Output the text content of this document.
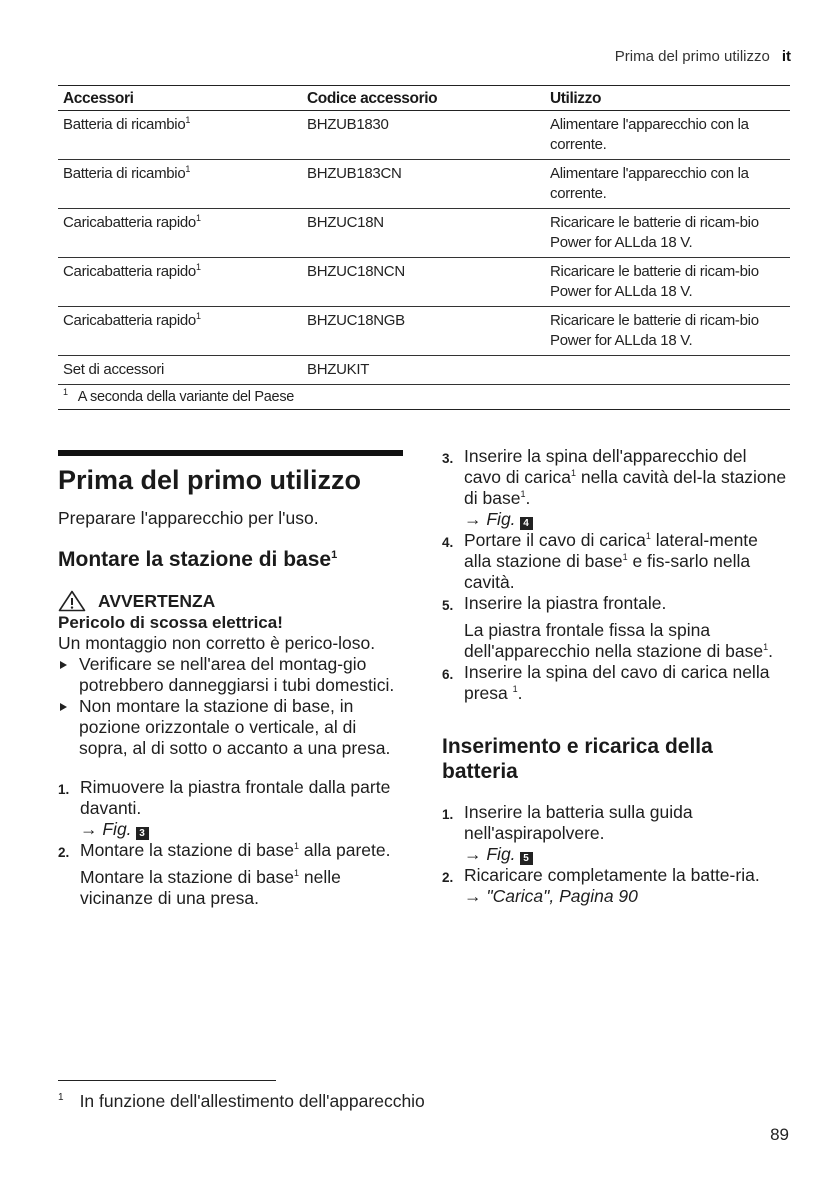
Prima del primo utilizzo it
Accessori	Codice accessorio	Utilizzo
Batteria di ricambio$^1$	BHZUB1830	Alimentare l'apparecchio con la corrente.
Batteria di ricambio$^1$	BHZUB183CN	Alimentare l'apparecchio con la corrente.
Caricabatteria rapido$^1$	BHZUC18N	Ricaricare le batterie di ricam-bio Power for ALLda 18 V.
Caricabatteria rapido$^1$	BHZUC18NCN	Ricaricare le batterie di ricam-bio Power for ALLda 18 V.
Caricabatteria rapido$^1$	BHZUC18NGB	Ricaricare le batterie di ricam-bio Power for ALLda 18 V.
Set di accessori	BHZUKIT	
$^1$ A seconda della variante del Paese		
Prima del primo utilizzo

Preparare l'apparecchio per l'uso.

Montare la stazione di base$^1$
AVVERTENZA
Pericolo di scossa elettrica!

Un montaggio non corretto è perico-loso.

Verificare se nell'area del montag-gio potrebbero danneggiarsi i tubi domestici.
Non montare la stazione di base, in pozione orizzontale o verticale, al di sopra, al di sotto o accanto a una presa.
1. Rimuovere la piastra frontale dalla parte davanti.
→ Fig. 3
2. Montare la stazione di base$^1$ alla parete.

Montare la stazione di base$^1$ nelle vicinanze di una presa.

3. Inserire la spina dell'apparecchio del cavo di carica$^1$ nella cavità del-la stazione di base$^1$.
→ Fig. 4
4. Portare il cavo di carica$^1$ lateral-mente alla stazione di base$^1$ e fis-sarlo nella cavità.
5. Inserire la piastra frontale.

La piastra frontale fissa la spina dell'apparecchio nella stazione di base$^1$.

6. Inserire la spina del cavo di carica nella presa $^1$.
Inserimento e ricarica della batteria
1. Inserire la batteria sulla guida nell'aspirapolvere.
→ Fig. 5
2. Ricaricare completamente la batte-ria.
→ "Carica", Pagina 90
$^1$ In funzione dell'allestimento dell'apparecchio
89
